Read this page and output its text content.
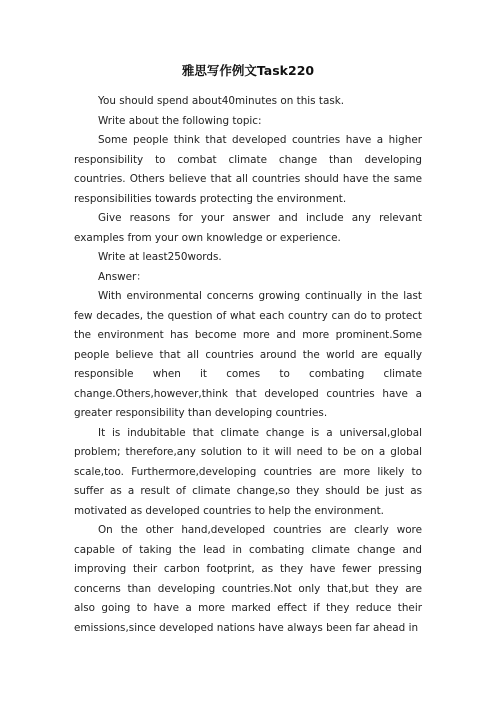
雅思写作例文Task220

You should spend about40minutes on this task.

Write about the following topic:

Some people think that developed countries have a higher responsibility to combat climate change than developing countries. Others believe that all countries should have the same responsibilities towards protecting the environment.

Give reasons for your answer and include any relevant examples from your own knowledge or experience.

Write at least250words.

Answer：

With environmental concerns growing continually in the last few decades, the question of what each country can do to protect the environment has become more and more prominent.Some people believe that all countries around the world are equally responsible when it comes to combating climate change.Others,however,think that developed countries have a greater responsibility than developing countries.

It is indubitable that climate change is a universal,global problem; therefore,any solution to it will need to be on a global scale,too. Furthermore,developing countries are more likely to suffer as a result of climate change,so they should be just as motivated as developed countries to help the environment.

On the other hand,developed countries are clearly wore capable of taking the lead in combating climate change and improving their carbon footprint, as they have fewer pressing concerns than developing countries.Not only that,but they are also going to have a more marked effect if they reduce their emissions,since developed nations have always been far ahead in
